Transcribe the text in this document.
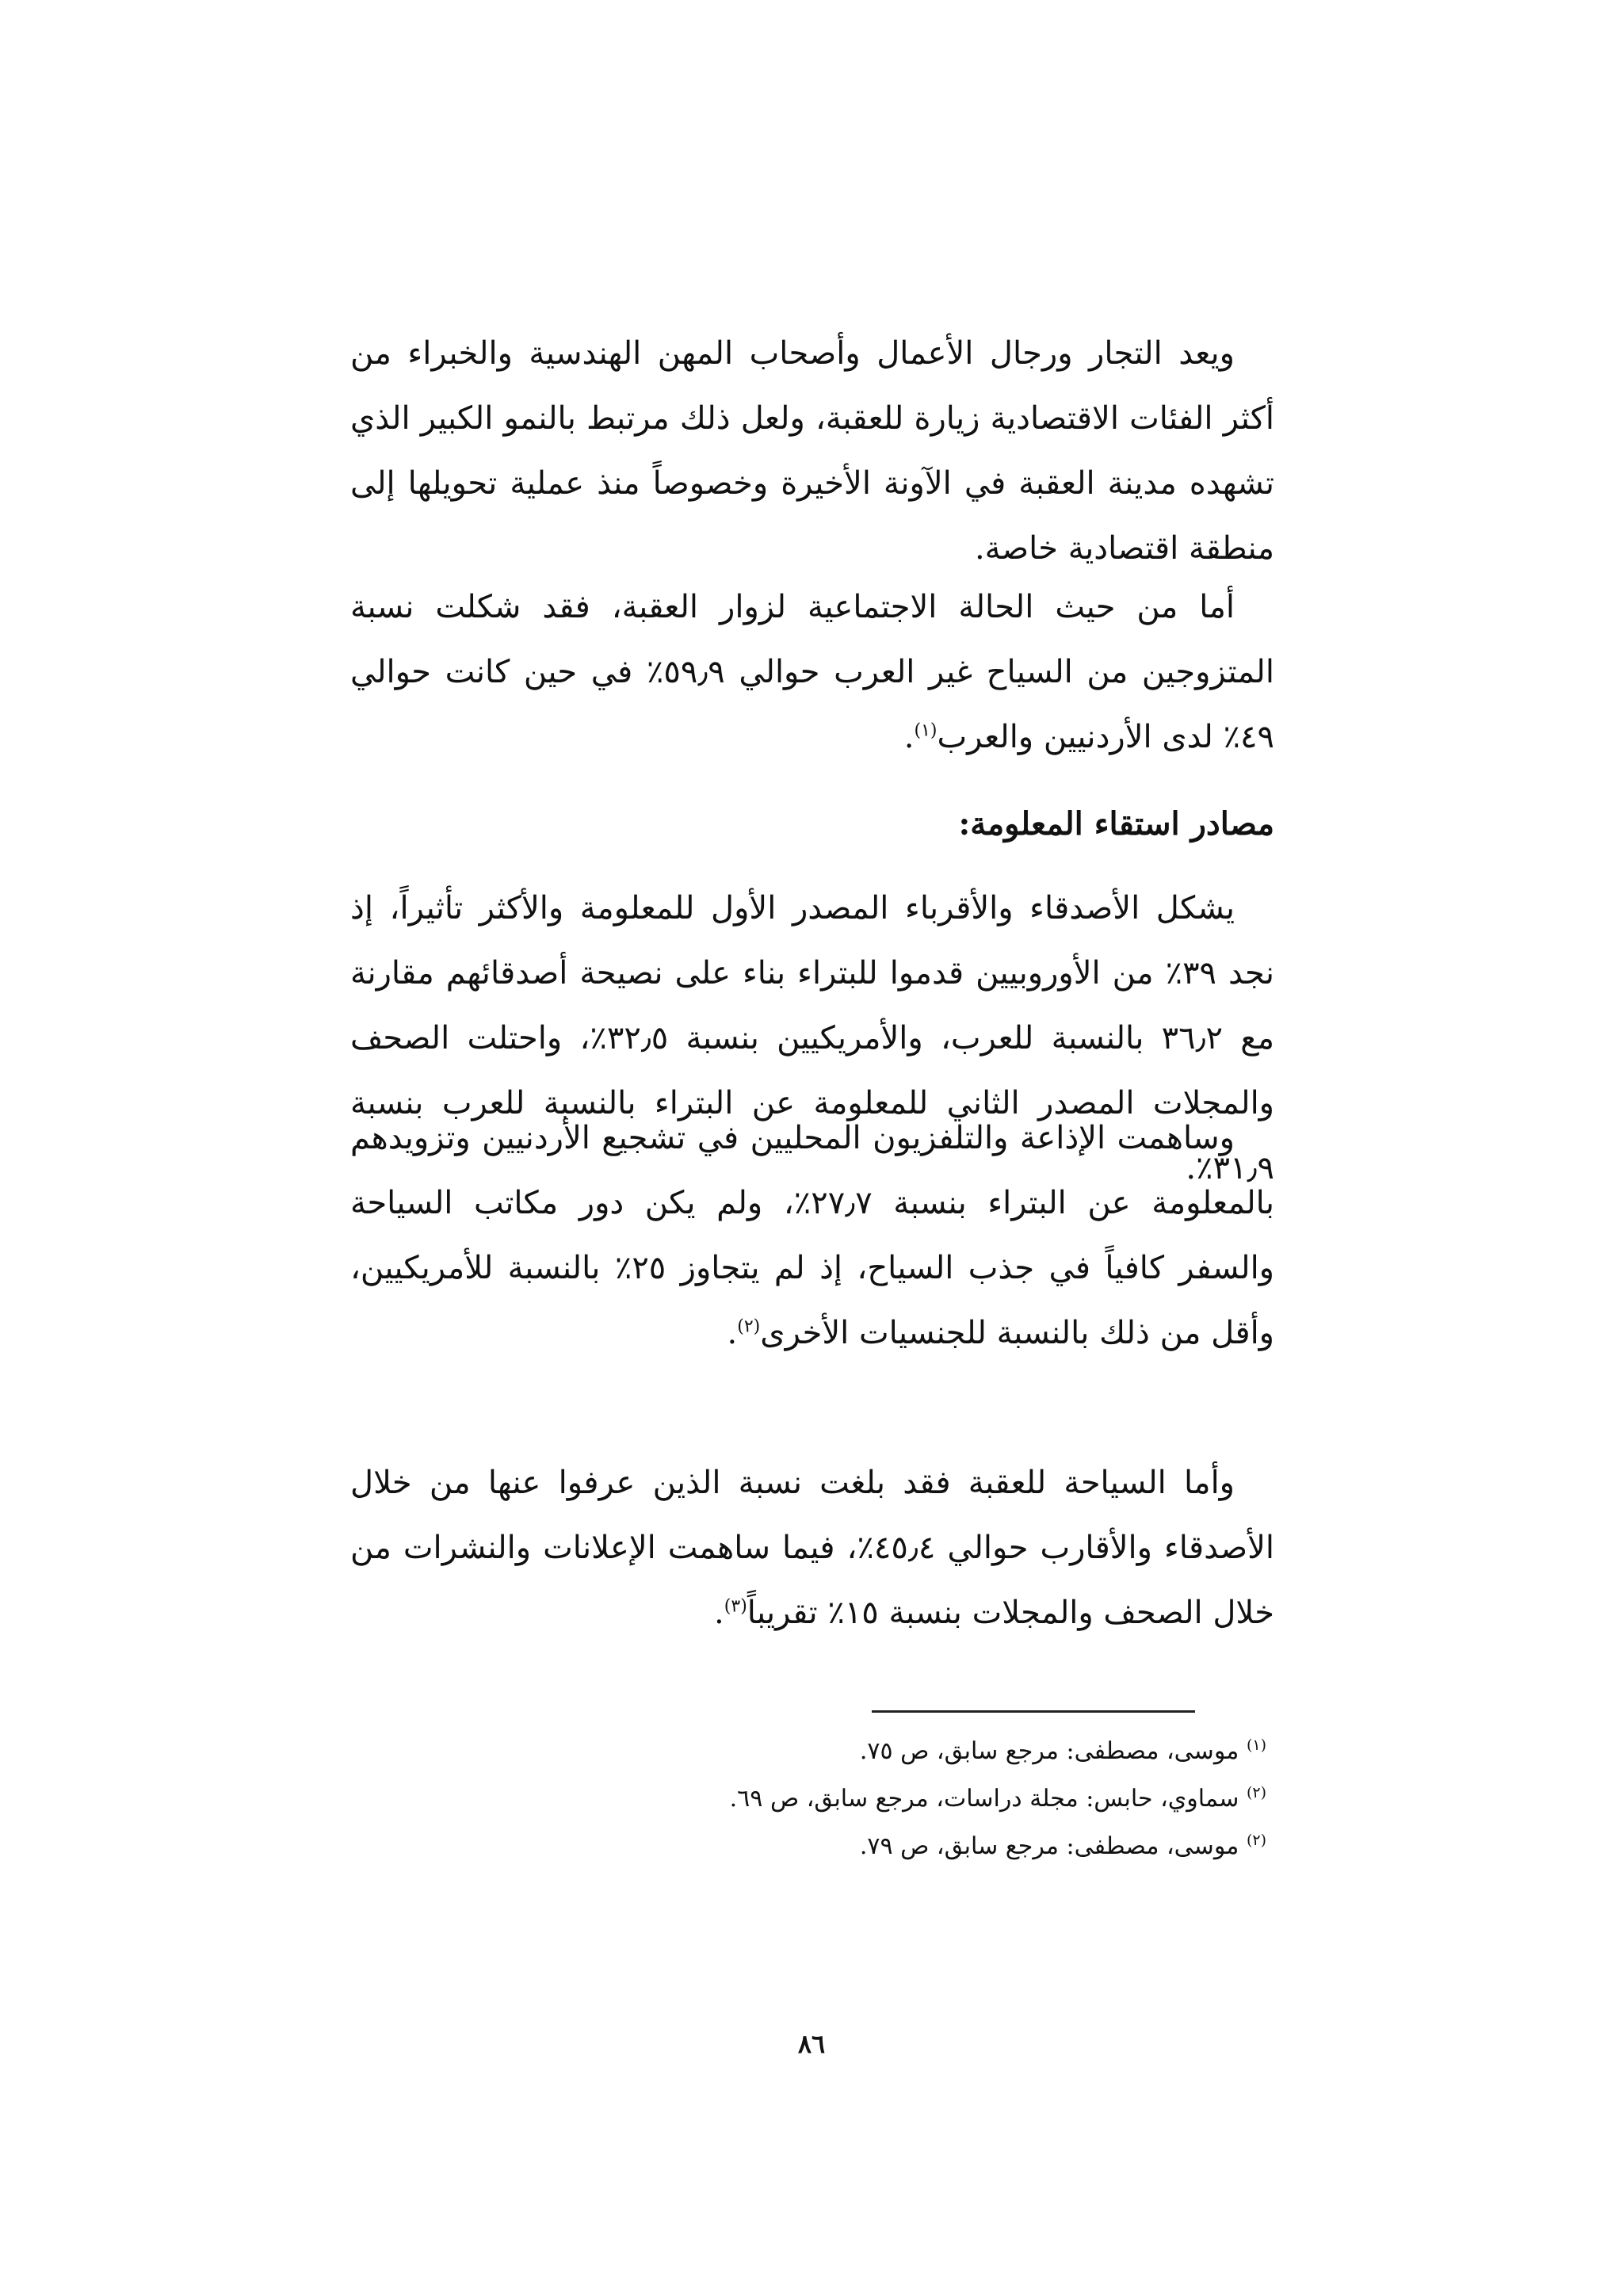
ويعد التجار ورجال الأعمال وأصحاب المهن الهندسية والخبراء من أكثر الفئات الاقتصادية زيارة للعقبة، ولعل ذلك مرتبط بالنمو الكبير الذي تشهده مدينة العقبة في الآونة الأخيرة وخصوصاً منذ عملية تحويلها إلى منطقة اقتصادية خاصة.

أما من حيث الحالة الاجتماعية لزوار العقبة، فقد شكلت نسبة المتزوجين من السياح غير العرب حوالي ٥٩٫٩٪ في حين كانت حوالي ٤٩٪ لدى الأردنيين والعرب$^{(١)}$.

مصادر استقاء المعلومة:

يشكل الأصدقاء والأقرباء المصدر الأول للمعلومة والأكثر تأثيراً، إذ نجد ٣٩٪ من الأوروبيين قدموا للبتراء بناء على نصيحة أصدقائهم مقارنة مع ٣٦٫٢ بالنسبة للعرب، والأمريكيين بنسبة ٣٢٫٥٪، واحتلت الصحف والمجلات المصدر الثاني للمعلومة عن البتراء بالنسبة للعرب بنسبة ٣١٫٩٪.

وساهمت الإذاعة والتلفزيون المحليين في تشجيع الأردنيين وتزويدهم بالمعلومة عن البتراء بنسبة ٢٧٫٧٪، ولم يكن دور مكاتب السياحة والسفر كافياً في جذب السياح، إذ لم يتجاوز ٢٥٪ بالنسبة للأمريكيين، وأقل من ذلك بالنسبة للجنسيات الأخرى$^{(٢)}$.

وأما السياحة للعقبة فقد بلغت نسبة الذين عرفوا عنها من خلال الأصدقاء والأقارب حوالي ٤٥٫٤٪، فيما ساهمت الإعلانات والنشرات من خلال الصحف والمجلات بنسبة ١٥٪ تقريباً$^{(٣)}$.

$^{(١)}$ موسى، مصطفى: مرجع سابق، ص ٧٥.

$^{(٢)}$ سماوي، حابس: مجلة دراسات، مرجع سابق، ص ٦٩.

$^{(٢)}$ موسى، مصطفى: مرجع سابق، ص ٧٩.

٨٦
